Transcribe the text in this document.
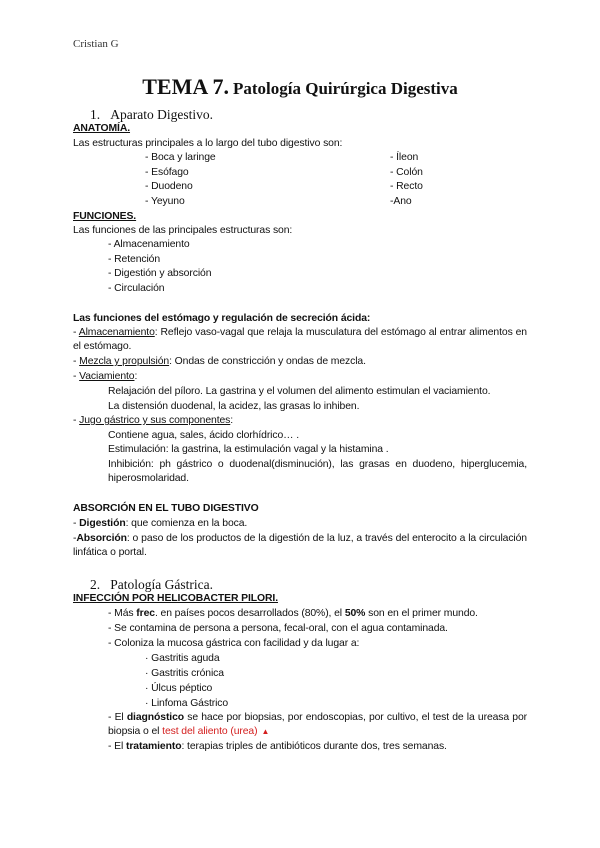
Cristian G
TEMA 7. Patología Quirúrgica Digestiva
1.   Aparato Digestivo.
ANATOMÍA.
Las estructuras principales a lo largo del tubo digestivo son:
- Boca y laringe
- Esófago
- Duodeno
- Yeyuno
- Íleon
- Colón
- Recto
-Ano
FUNCIONES.
Las funciones de las principales estructuras son:
- Almacenamiento
- Retención
- Digestión y absorción
- Circulación
Las funciones del estómago y regulación de secreción ácida:
- Almacenamiento: Reflejo vaso-vagal que relaja la musculatura del estómago al entrar alimentos en el estómago.
- Mezcla y propulsión: Ondas de constricción y ondas de mezcla.
- Vaciamiento:
Relajación del píloro. La gastrina y el volumen del alimento estimulan el vaciamiento.
La distensión duodenal, la acidez, las grasas lo inhiben.
- Jugo gástrico y sus componentes:
Contiene agua, sales, ácido clorhídrico… .
Estimulación: la gastrina, la estimulación vagal y la histamina .
Inhibición: ph gástrico o duodenal(disminución), las grasas en duodeno, hiperglucemia, hiperosmolaridad.
ABSORCIÓN EN EL TUBO DIGESTIVO
- Digestión: que comienza en la boca.
-Absorción: o paso de los productos de la digestión de la luz, a través del enterocito a la circulación linfática o portal.
2.   Patología Gástrica.
INFECCIÓN POR HELICOBACTER PILORI.
- Más frec. en países pocos desarrollados (80%), el 50% son en el primer mundo.
- Se contamina de persona a persona, fecal-oral, con el agua contaminada.
- Coloniza la mucosa gástrica con facilidad y da lugar a:
· Gastritis aguda
· Gastritis crónica
· Úlcus péptico
· Linfoma Gástrico
- El diagnóstico se hace por biopsias, por endoscopias, por cultivo, el test de la ureasa por biopsia o el test del aliento (urea) ▲
- El tratamiento: terapias triples de antibióticos durante dos, tres semanas.
